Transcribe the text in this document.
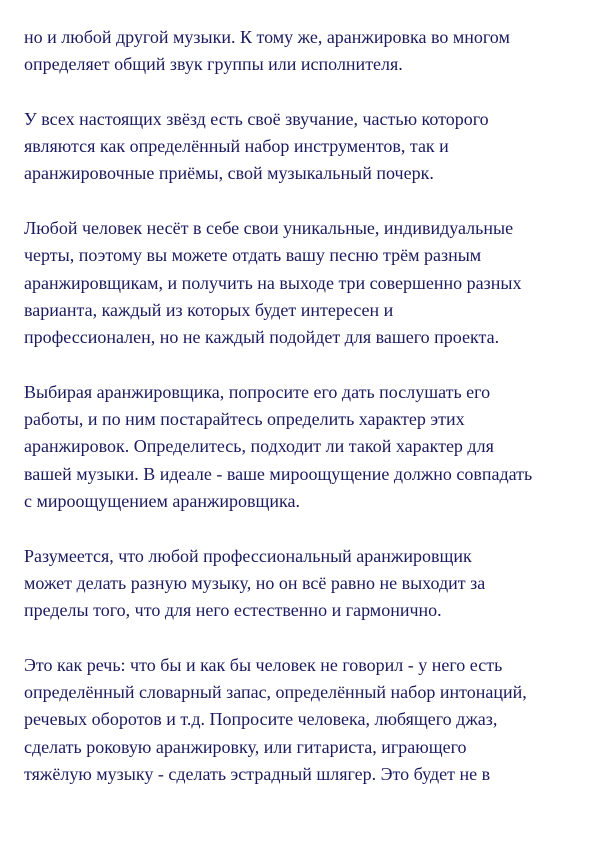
но и любой другой музыки. К тому же, аранжировка во многом
определяет общий звук группы или исполнителя.
У всех настоящих звёзд есть своё звучание, частью которого
являются как определённый набор инструментов, так и
аранжировочные приёмы, свой музыкальный почерк.
Любой человек несёт в себе свои уникальные, индивидуальные
черты, поэтому вы можете отдать вашу песню трём разным
аранжировщикам, и получить на выходе три совершенно разных
варианта, каждый из которых будет интересен и
профессионален, но не каждый подойдет для вашего проекта.
Выбирая аранжировщика, попросите его дать послушать его
работы, и по ним постарайтесь определить характер этих
аранжировок. Определитесь, подходит ли такой характер для
вашей музыки. В идеале - ваше мироощущение должно совпадать
с мироощущением аранжировщика.
Разумеется, что любой профессиональный аранжировщик
может делать разную музыку, но он всё равно не выходит за
пределы того, что для него естественно и гармонично.
Это как речь: что бы и как бы человек не говорил - у него есть
определённый словарный запас, определённый набор интонаций,
речевых оборотов и т.д. Попросите человека, любящего джаз,
сделать роковую аранжировку, или гитариста, играющего
тяжёлую музыку - сделать эстрадный шлягер. Это будет не в
